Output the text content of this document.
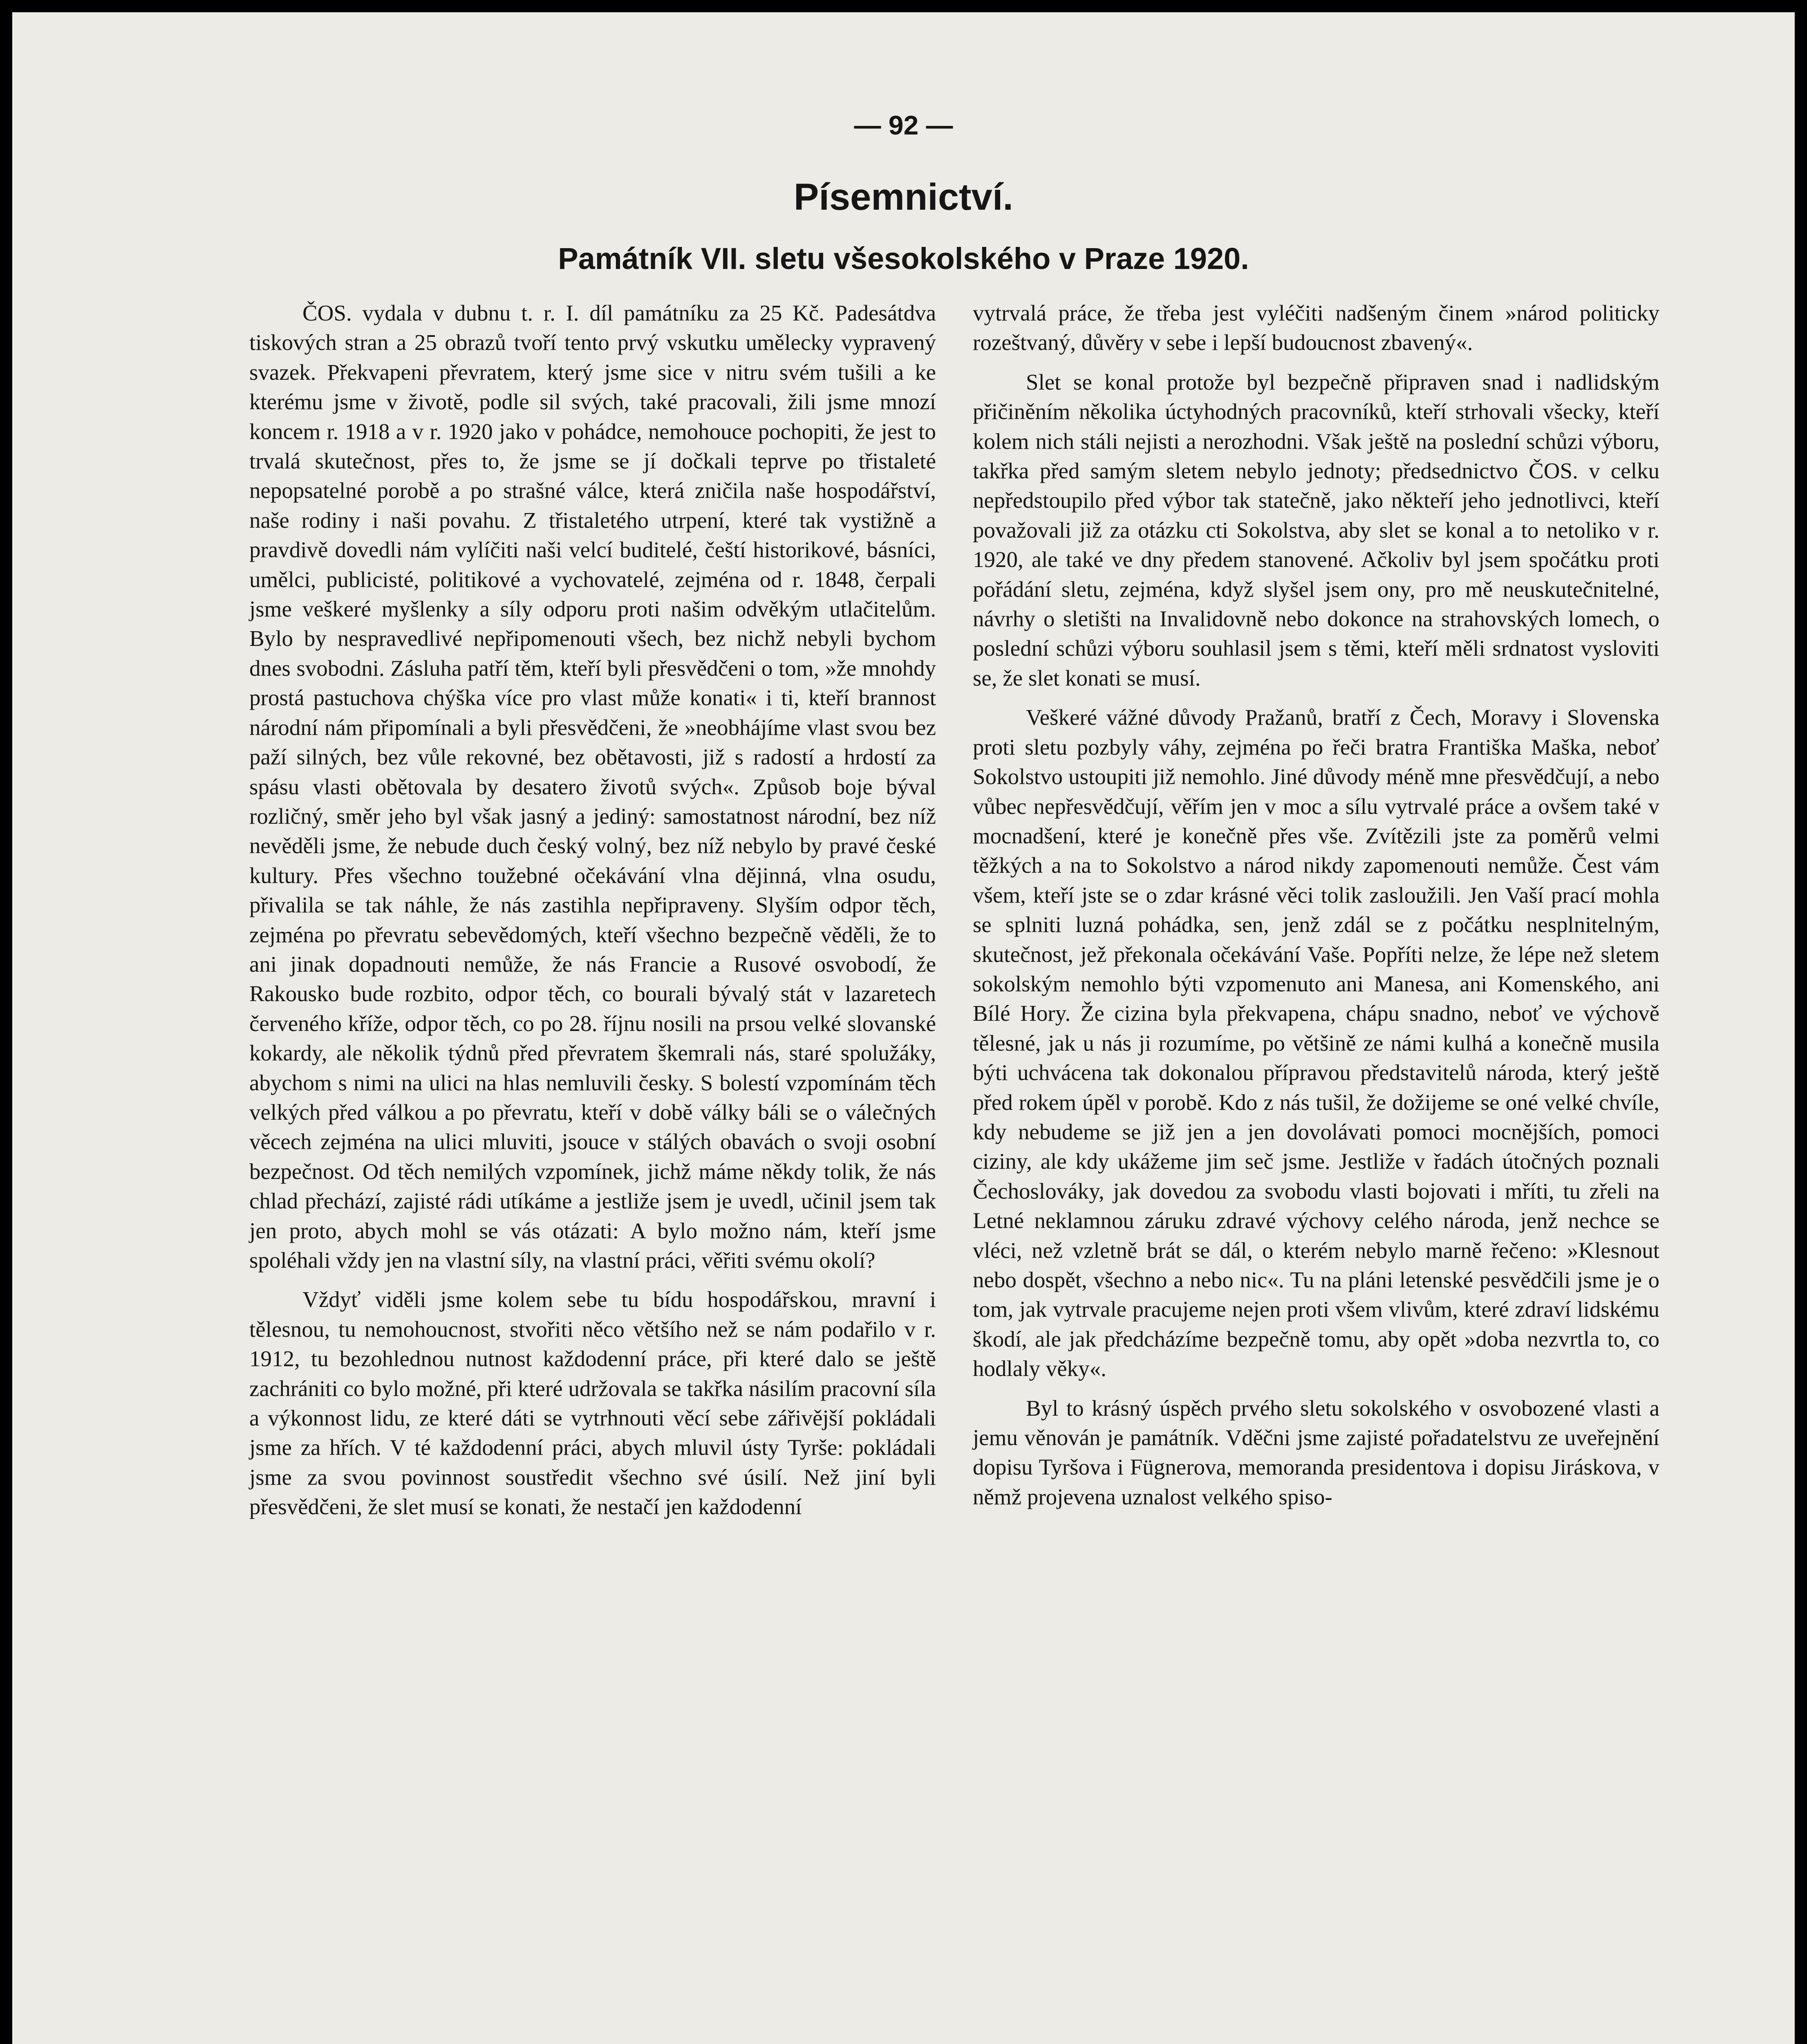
— 92 —
Písemnictví.
Památník VII. sletu všesokolského v Praze 1920.

ČOS. vydala v dubnu t. r. I. díl památníku za 25 Kč. Padesátdva tiskových stran a 25 obrazů tvoří tento prvý vskutku umělecky vypravený svazek. Překvapeni převratem, který jsme sice v nitru svém tušili a ke kterému jsme v životě, podle sil svých, také pracovali, žili jsme mnozí koncem r. 1918 a v r. 1920 jako v pohádce, nemohouce pochopiti, že jest to trvalá skutečnost, přes to, že jsme se jí dočkali teprve po třistaleté nepopsatelné porobě a po strašné válce, která zničila naše hospodářství, naše rodiny i naši povahu. Z třistaletého utrpení, které tak vystižně a pravdivě dovedli nám vylíčiti naši velcí buditelé, čeští historikové, básníci, umělci, publicisté, politikové a vychovatelé, zejména od r. 1848, čerpali jsme veškeré myšlenky a síly odporu proti našim odvěkým utlačitelům. Bylo by nespravedlivé nepřipomenouti všech, bez nichž nebyli bychom dnes svobodni. Zásluha patří těm, kteří byli přesvědčeni o tom, »že mnohdy prostá pastuchova chýška více pro vlast může konati« i ti, kteří brannost národní nám připomínali a byli přesvědčeni, že »neobhájíme vlast svou bez paží silných, bez vůle rekovné, bez obětavosti, již s radostí a hrdostí za spásu vlasti obětovala by desatero životů svých«. Způsob boje býval rozličný, směr jeho byl však jasný a jediný: samostatnost národní, bez níž nevěděli jsme, že nebude duch český volný, bez níž nebylo by pravé české kultury. Přes všechno toužebné očekávání vlna dějinná, vlna osudu, přivalila se tak náhle, že nás zastihla nepřipraveny. Slyším odpor těch, zejména po převratu sebevědomých, kteří všechno bezpečně věděli, že to ani jinak dopadnouti nemůže, že nás Francie a Rusové osvobodí, že Rakousko bude rozbito, odpor těch, co bourali bývalý stát v lazaretech červeného kříže, odpor těch, co po 28. říjnu nosili na prsou velké slovanské kokardy, ale několik týdnů před převratem škemrali nás, staré spolužáky, abychom s nimi na ulici na hlas nemluvili česky. S bolestí vzpomínám těch velkých před válkou a po převratu, kteří v době války báli se o válečných věcech zejména na ulici mluviti, jsouce v stálých obavách o svoji osobní bezpečnost. Od těch nemilých vzpomínek, jichž máme někdy tolik, že nás chlad přechází, zajisté rádi utíkáme a jestliže jsem je uvedl, učinil jsem tak jen proto, abych mohl se vás otázati: A bylo možno nám, kteří jsme spoléhali vždy jen na vlastní síly, na vlastní práci, věřiti svému okolí?

Vždyť viděli jsme kolem sebe tu bídu hospodářskou, mravní i tělesnou, tu nemohoucnost, stvořiti něco většího než se nám podařilo v r. 1912, tu bezohlednou nutnost každodenní práce, při které dalo se ještě zachrániti co bylo možné, při které udržovala se takřka násilím pracovní síla a výkonnost lidu, ze které dáti se vytrhnouti věcí sebe zářivější pokládali jsme za hřích. V té každodenní práci, abych mluvil ústy Tyrše: pokládali jsme za svou povinnost soustředit všechno své úsilí. Než jiní byli přesvědčeni, že slet musí se konati, že nestačí jen každodenní

vytrvalá práce, že třeba jest vyléčiti nadšeným činem »národ politicky rozeštvaný, důvěry v sebe i lepší budoucnost zbavený«.

Slet se konal protože byl bezpečně připraven snad i nadlidským přičiněním několika úctyhodných pracovníků, kteří strhovali všecky, kteří kolem nich stáli nejisti a nerozhodni. Však ještě na poslední schůzi výboru, takřka před samým sletem nebylo jednoty; předsednictvo ČOS. v celku nepředstoupilo před výbor tak statečně, jako někteří jeho jednotlivci, kteří považovali již za otázku cti Sokolstva, aby slet se konal a to netoliko v r. 1920, ale také ve dny předem stanovené. Ačkoliv byl jsem spočátku proti pořádání sletu, zejména, když slyšel jsem ony, pro mě neuskutečnitelné, návrhy o sletišti na Invalidovně nebo dokonce na strahovských lomech, o poslední schůzi výboru souhlasil jsem s těmi, kteří měli srdnatost vysloviti se, že slet konati se musí.

Veškeré vážné důvody Pražanů, bratří z Čech, Moravy i Slovenska proti sletu pozbyly váhy, zejména po řeči bratra Františka Maška, neboť Sokolstvo ustoupiti již nemohlo. Jiné důvody méně mne přesvědčují, a nebo vůbec nepřesvědčují, věřím jen v moc a sílu vytrvalé práce a ovšem také v mocnadšení, které je konečně přes vše. Zvítězili jste za poměrů velmi těžkých a na to Sokolstvo a národ nikdy zapomenouti nemůže. Čest vám všem, kteří jste se o zdar krásné věci tolik zasloužili. Jen Vaší prací mohla se splniti luzná pohádka, sen, jenž zdál se z počátku nesplnitelným, skutečnost, jež překonala očekávání Vaše. Popříti nelze, že lépe než sletem sokolským nemohlo býti vzpomenuto ani Manesa, ani Komenského, ani Bílé Hory. Že cizina byla překvapena, chápu snadno, neboť ve výchově tělesné, jak u nás ji rozumíme, po většině ze námi kulhá a konečně musila býti uchvácena tak dokonalou přípravou představitelů národa, který ještě před rokem úpěl v porobě. Kdo z nás tušil, že dožijeme se oné velké chvíle, kdy nebudeme se již jen a jen dovolávati pomoci mocnějších, pomoci ciziny, ale kdy ukážeme jim seč jsme. Jestliže v řadách útočných poznali Čechoslováky, jak dovedou za svobodu vlasti bojovati i mříti, tu zřeli na Letné neklamnou záruku zdravé výchovy celého národa, jenž nechce se vléci, než vzletně brát se dál, o kterém nebylo marně řečeno: »Klesnout nebo dospět, všechno a nebo nic«. Tu na pláni letenské pesvědčili jsme je o tom, jak vytrvale pracujeme nejen proti všem vlivům, které zdraví lidskému škodí, ale jak předcházíme bezpečně tomu, aby opět »doba nezvrtla to, co hodlaly věky«.

Byl to krásný úspěch prvého sletu sokolského v osvobozené vlasti a jemu věnován je památník. Vděčni jsme zajisté pořadatelstvu ze uveřejnění dopisu Tyršova i Fügnerova, memoranda presidentova i dopisu Jiráskova, v němž projevena uznalost velkého spiso-
